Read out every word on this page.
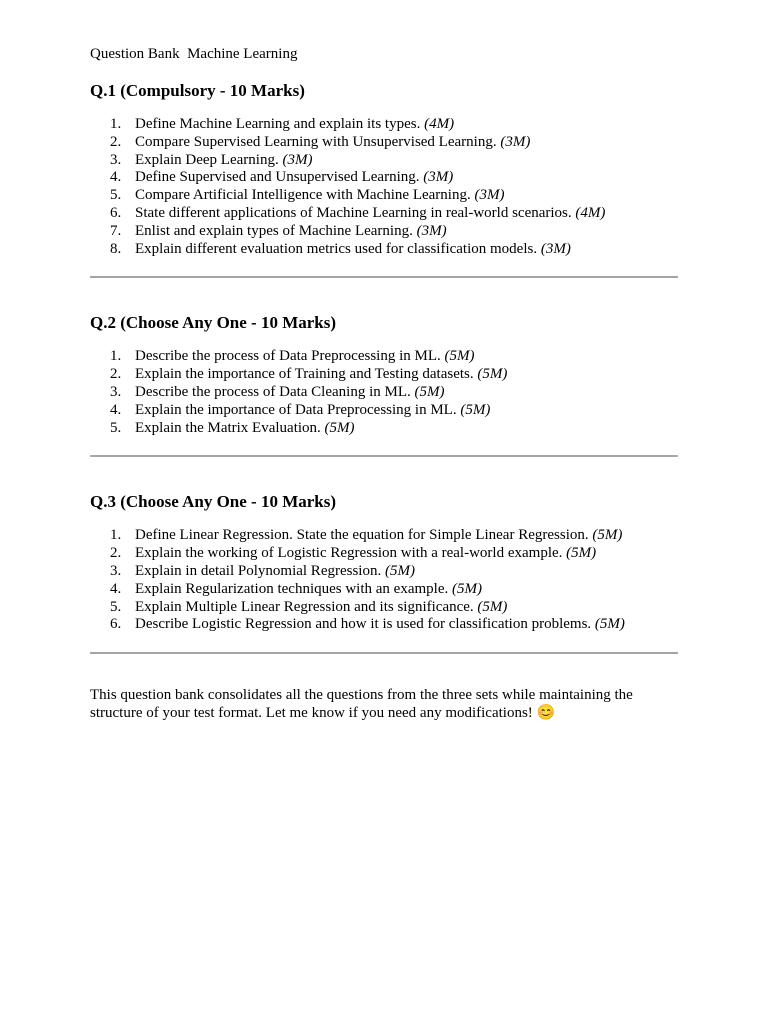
Question Bank  Machine Learning

Q.1 (Compulsory - 10 Marks)
1. Define Machine Learning and explain its types. (4M)
2. Compare Supervised Learning with Unsupervised Learning. (3M)
3. Explain Deep Learning. (3M)
4. Define Supervised and Unsupervised Learning. (3M)
5. Compare Artificial Intelligence with Machine Learning. (3M)
6. State different applications of Machine Learning in real-world scenarios. (4M)
7. Enlist and explain types of Machine Learning. (3M)
8. Explain different evaluation metrics used for classification models. (3M)
Q.2 (Choose Any One - 10 Marks)
1. Describe the process of Data Preprocessing in ML. (5M)
2. Explain the importance of Training and Testing datasets. (5M)
3. Describe the process of Data Cleaning in ML. (5M)
4. Explain the importance of Data Preprocessing in ML. (5M)
5. Explain the Matrix Evaluation. (5M)
Q.3 (Choose Any One - 10 Marks)
1. Define Linear Regression. State the equation for Simple Linear Regression. (5M)
2. Explain the working of Logistic Regression with a real-world example. (5M)
3. Explain in detail Polynomial Regression. (5M)
4. Explain Regularization techniques with an example. (5M)
5. Explain Multiple Linear Regression and its significance. (5M)
6. Describe Logistic Regression and how it is used for classification problems. (5M)

This question bank consolidates all the questions from the three sets while maintaining the structure of your test format. Let me know if you need any modifications! 😊
